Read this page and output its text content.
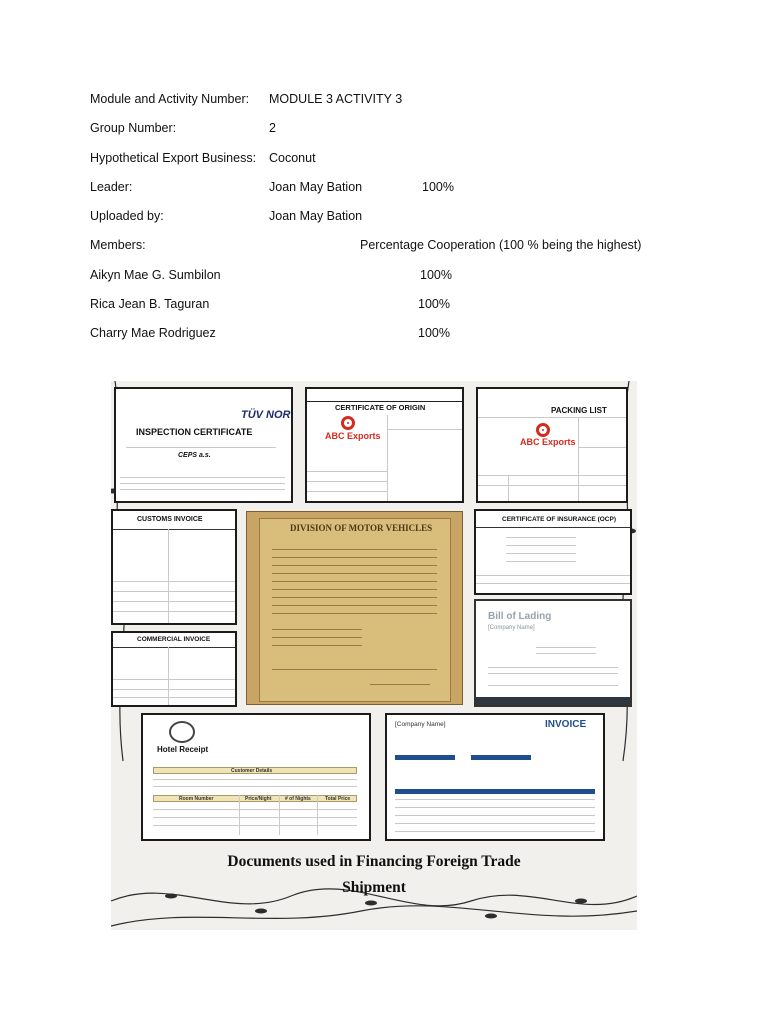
Module and Activity Number: MODULE 3 ACTIVITY 3
Group Number:	2
Hypothetical Export Business: Coconut
Leader:	Joan May Bation	100%
Uploaded by:	Joan May Bation
Members:	Percentage Cooperation (100 % being the highest)
Aikyn Mae G. Sumbilon	100%
Rica Jean B. Taguran	100%
Charry Mae Rodriguez	100%
TÜV NOR
INSPECTION CERTIFICATE
CEPS a.s.
CERTIFICATE OF ORIGIN
ABC Exports
PACKING LIST
ABC Exports
CUSTOMS INVOICE
DIVISION OF MOTOR VEHICLES
CERTIFICATE OF INSURANCE (OCP)
Bill of Lading
[Company Name]
COMMERCIAL INVOICE
Hotel Receipt
Customer Details
Room Number	Price/Night	# of Nights	Total Price
[Company Name]	INVOICE
Documents used in Financing Foreign Trade
Shipment
